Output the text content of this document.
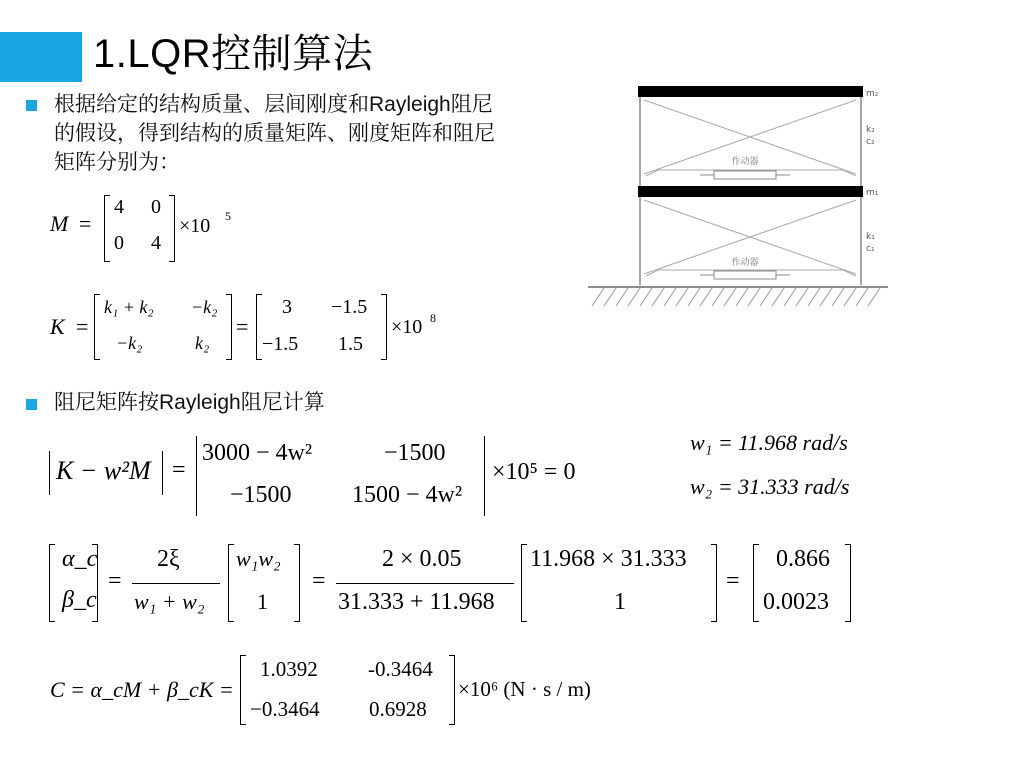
1.LQR控制算法
根据给定的结构质量、层间刚度和Rayleigh阻尼
的假设，得到结构的质量矩阵、刚度矩阵和阻尼
矩阵分别为：	作动器
作动器
m₂
k₂
c₂
m₁
k₁
c₁
M =
4 0
0 4
×10 5
K =
k₁ + k₂ −k₂
−k₂	k₂
=
3 −1.5
−1.5 1.5
×10 8
阻尼矩阵按Rayleigh阻尼计算
K − w²M =
3000 − 4w²	−1500
−1500	1500 − 4w²
×10⁵ = 0
w₁ = 11.968 rad/s
w₂ = 31.333 rad/s
α_c
β_c
=
2ξ
w₁ + w₂
w₁w₂
1
=
2 × 0.05
31.333 + 11.968
11.968 × 31.333
1
=
0.866
0.0023
C = α_cM + β_cK =
1.0392 -0.3464
−0.3464 0.6928
×10⁶ (N · s / m)
